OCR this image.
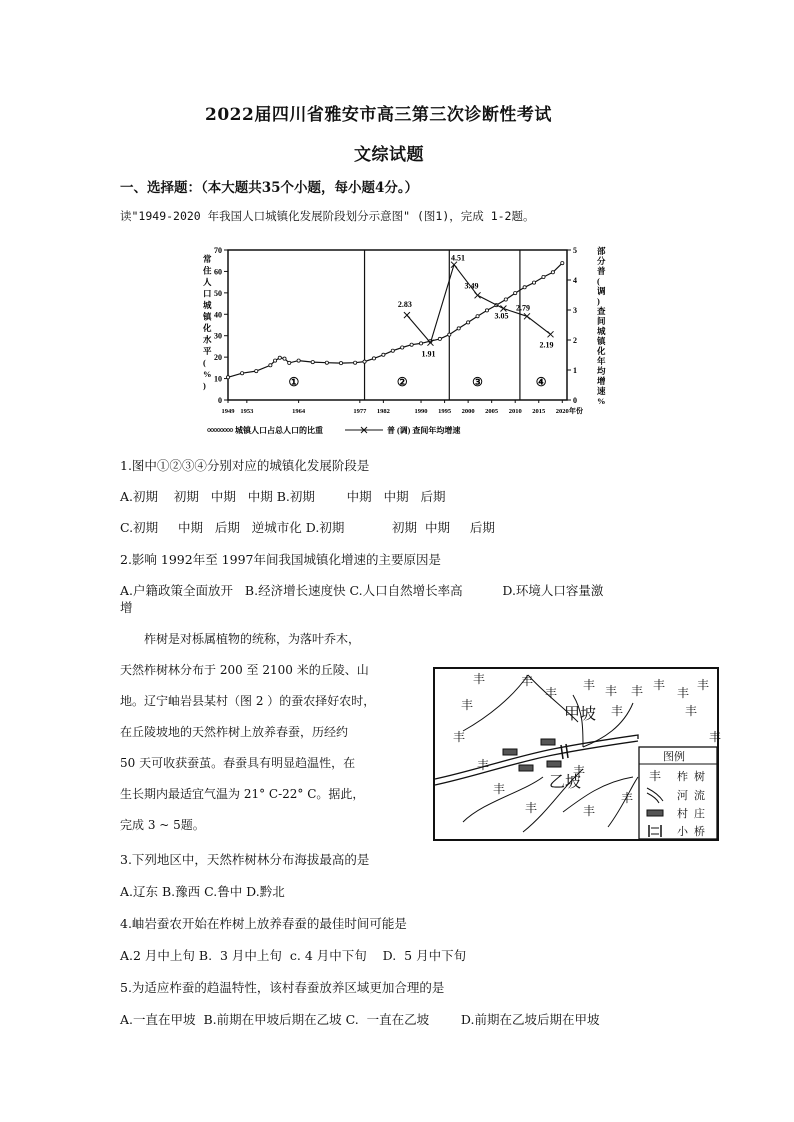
2022届四川省雅安市高三第三次诊断性考试
文综试题
一、选择题：（本大题共35个小题，每小题4分。）
读"1949-2020 年我国人口城镇化发展阶段划分示意图" (图1)，完成 1-2题。
0
10
20
30
40
50
60
70
0
1
2
3
4
5
1949 1953	1964	1977 1982	1990 1995 2000 2005 2010 2015 2020 年份
常住人口城镇化水平( % )
部分普(调)查间城镇化年均增速%
①	②	③	④
2.83
1.91
4.51
3.49
3.05
2.79
2.19
城镇人口占总人口的比重	普 (调) 查间年均增速
1.图中①②③④分别对应的城镇化发展阶段是
A.初期    初期   中期   中期 B.初期        中期   中期   后期
C.初期     中期   后期   逆城市化 D.初期            初期  中期     后期
2.影响 1992年至 1997年间我国城镇化增速的主要原因是
A.户籍政策全面放开   B.经济增长速度快 C.人口自然增长率高          D.环境人口容量激
增
柞树是对栎属植物的统称，为落叶乔木，
天然柞树林分布于 200 至 2100 米的丘陵、山
地。辽宁岫岩县某村（图 2 ）的蚕农择好农时，
在丘陵坡地的天然柞树上放养春蚕，历经约
50 天可收获蚕茧。春蚕具有明显趋温性，在
生长期内最适宜气温为 21° C-22° C。据此，
完成 3 ~ 5题。
丰	丰
丰
丰 丰 丰 丰
丰
丰
丰
丰
丰
丰
丰
丰
丰
丰
丰	丰
丰
甲坡
乙坡
图例
丰 柞树
河流
村庄
小桥
3.下列地区中，天然柞树林分布海拔最高的是
A.辽东 B.豫西 C.鲁中 D.黔北
4.岫岩蚕农开始在柞树上放养春蚕的最佳时间可能是
A.2 月中上旬 B.  3 月中上旬  c. 4 月中下旬    D.  5 月中下旬
5.为适应柞蚕的趋温特性，该村春蚕放养区域更加合理的是
A.一直在甲坡  B.前期在甲坡后期在乙坡 C.  一直在乙坡        D.前期在乙坡后期在甲坡
